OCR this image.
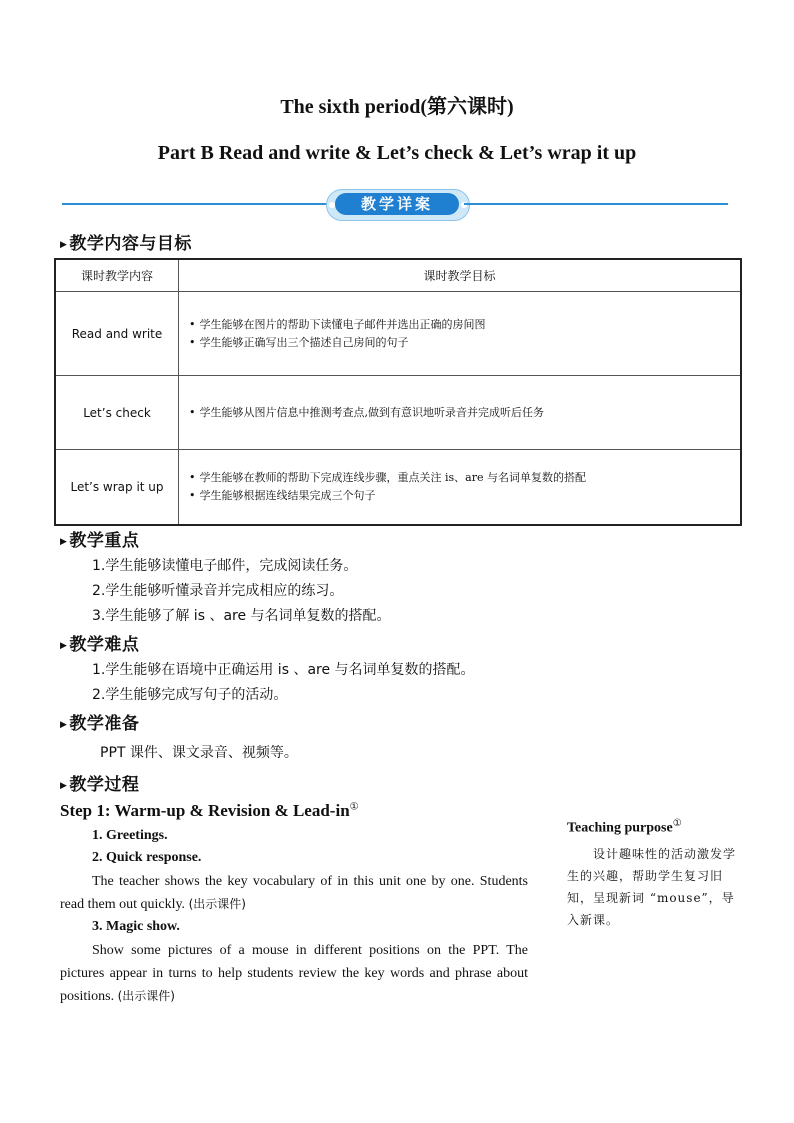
The sixth period(第六课时)
Part B Read and write & Let’s check & Let’s wrap it up
教学详案
▶ 教学内容与目标
课时教学内容	课时教学目标
Read and write	• 学生能够在图片的帮助下读懂电子邮件并选出正确的房间图
• 学生能够正确写出三个描述自己房间的句子

Let’s check	• 学生能够从图片信息中推测考查点,做到有意识地听录音并完成听后任务

Let’s wrap it up	• 学生能够在教师的帮助下完成连线步骤，重点关注 is、are 与名词单复数的搭配
• 学生能够根据连线结果完成三个句子
▶ 教学重点
1.学生能够读懂电子邮件，完成阅读任务。
2.学生能够听懂录音并完成相应的练习。
3.学生能够了解 is 、are 与名词单复数的搭配。
▶ 教学难点
1.学生能够在语境中正确运用 is 、are 与名词单复数的搭配。
2.学生能够完成写句子的活动。
▶ 教学准备
PPT 课件、课文录音、视频等。
▶ 教学过程
Step 1: Warm-up & Revision & Lead-in①
1. Greetings.
2. Quick response.
The teacher shows the key vocabulary of in this unit one by one. Students read them out quickly. (出示课件)
3. Magic show.
Show some pictures of a mouse in different positions on the PPT. The pictures appear in turns to help students review the key words and phrase about positions. (出示课件)
Teaching purpose①
设计趣味性的活动激发学生的兴趣，帮助学生复习旧知，呈现新词 “mouse”，导入新课。
